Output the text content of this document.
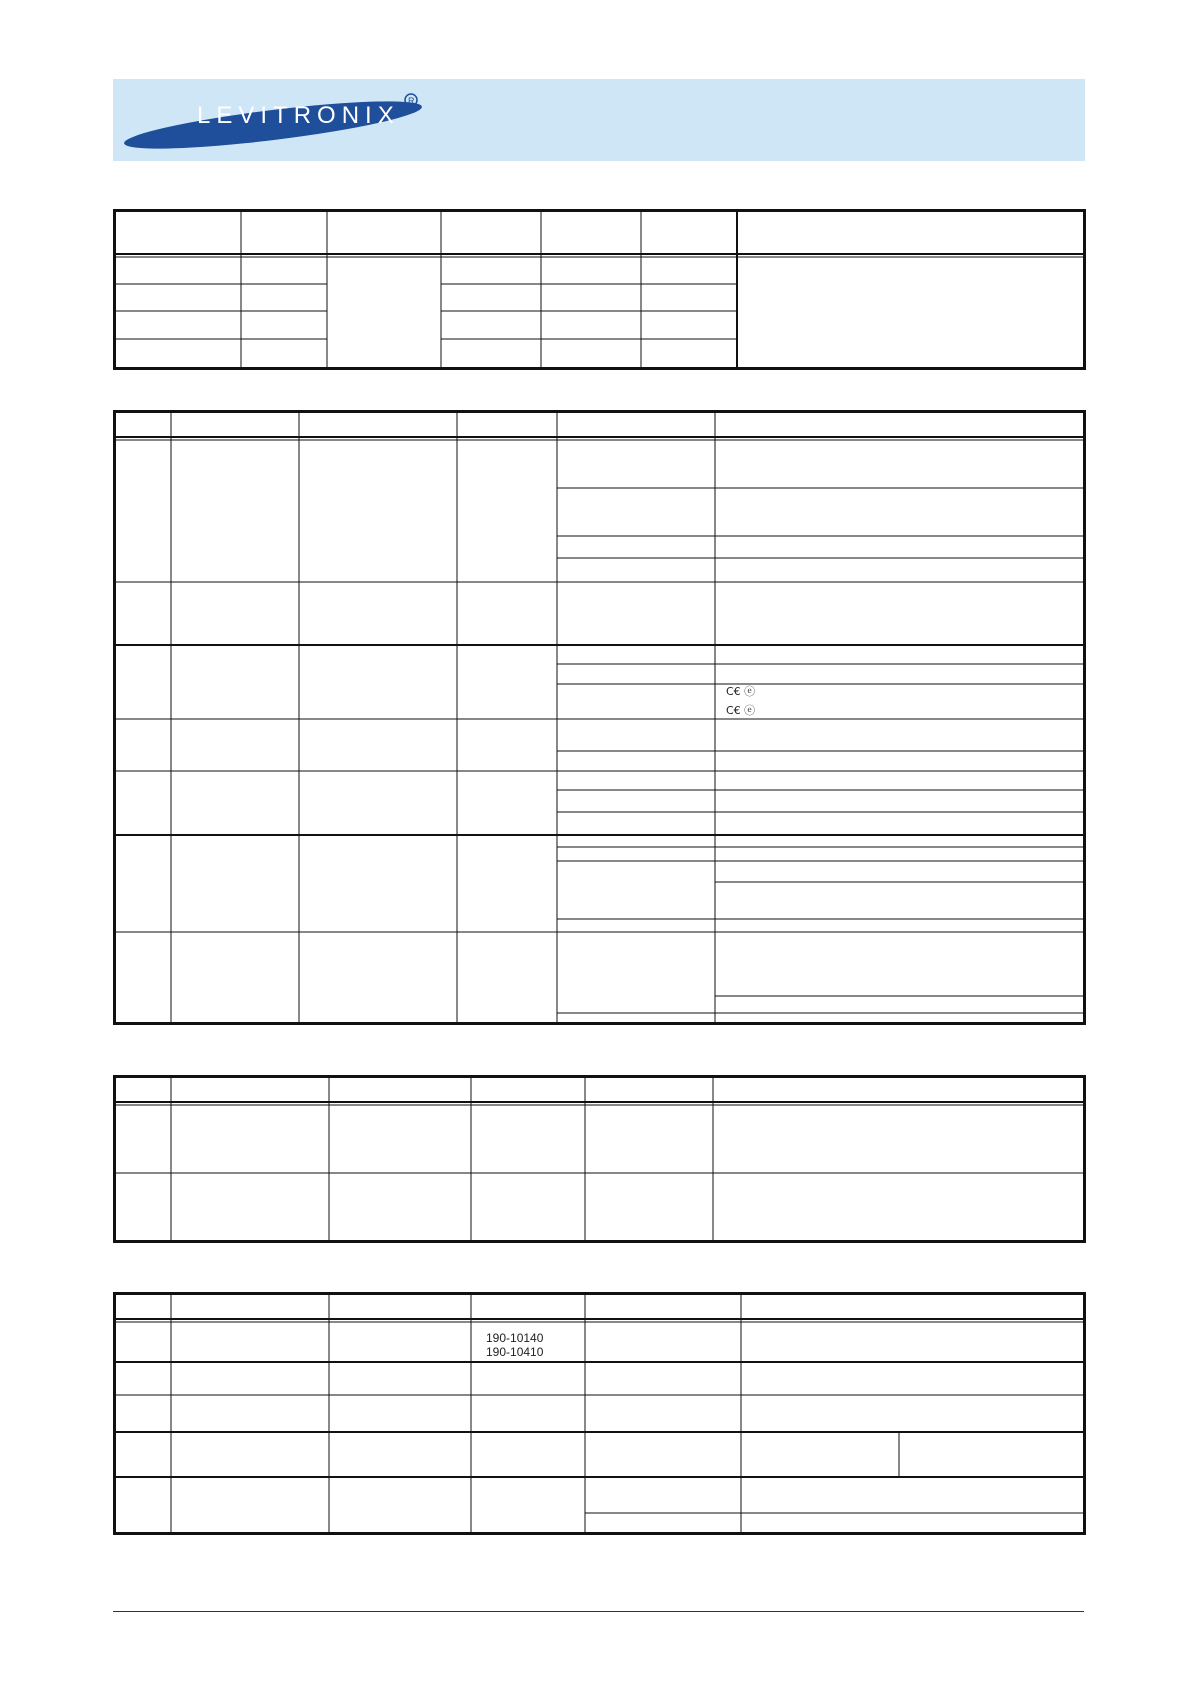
LEVITRONIX
R
C€ ⓔ
C€ ⓔ
190-10140
190-10410
